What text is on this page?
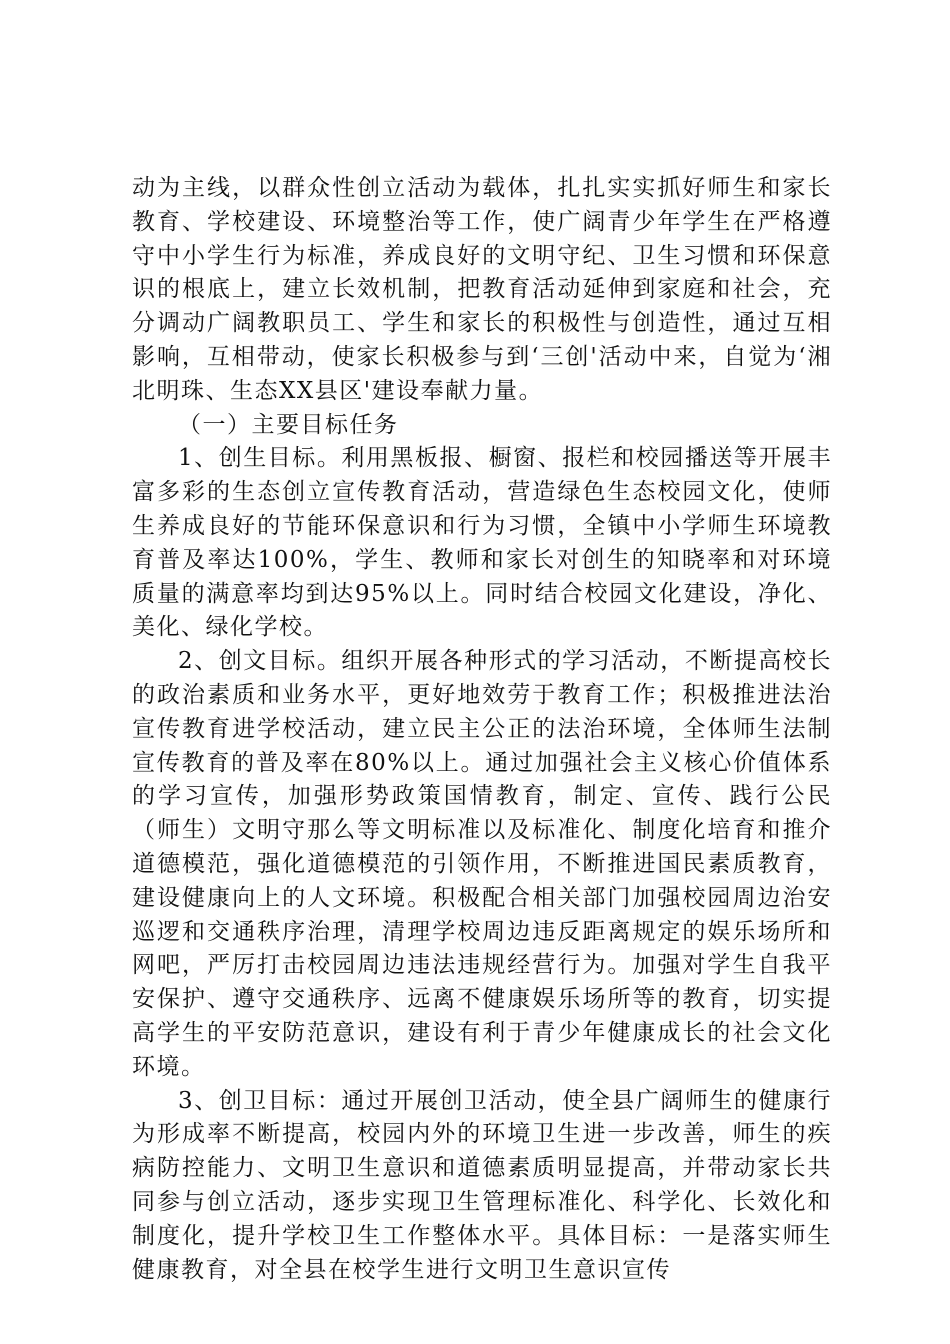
动为主线，以群众性创立活动为载体，扎扎实实抓好师生和家长教育、学校建设、环境整治等工作，使广阔青少年学生在严格遵守中小学生行为标准，养成良好的文明守纪、卫生习惯和环保意识的根底上，建立长效机制，把教育活动延伸到家庭和社会，充分调动广阔教职员工、学生和家长的积极性与创造性，通过互相影响，互相带动，使家长积极参与到‘三创'活动中来，自觉为‘湘北明珠、生态XX县区'建设奉献力量。

（一）主要目标任务

1、创生目标。利用黑板报、橱窗、报栏和校园播送等开展丰富多彩的生态创立宣传教育活动，营造绿色生态校园文化，使师生养成良好的节能环保意识和行为习惯，全镇中小学师生环境教育普及率达100%，学生、教师和家长对创生的知晓率和对环境质量的满意率均到达95%以上。同时结合校园文化建设，净化、美化、绿化学校。

2、创文目标。组织开展各种形式的学习活动，不断提高校长的政治素质和业务水平，更好地效劳于教育工作；积极推进法治宣传教育进学校活动，建立民主公正的法治环境，全体师生法制宣传教育的普及率在80%以上。通过加强社会主义核心价值体系的学习宣传，加强形势政策国情教育，制定、宣传、践行公民（师生）文明守那么等文明标准以及标准化、制度化培育和推介道德模范，强化道德模范的引领作用，不断推进国民素质教育，建设健康向上的人文环境。积极配合相关部门加强校园周边治安巡逻和交通秩序治理，清理学校周边违反距离规定的娱乐场所和网吧，严厉打击校园周边违法违规经营行为。加强对学生自我平安保护、遵守交通秩序、远离不健康娱乐场所等的教育，切实提高学生的平安防范意识，建设有利于青少年健康成长的社会文化环境。

3、创卫目标：通过开展创卫活动，使全县广阔师生的健康行为形成率不断提高，校园内外的环境卫生进一步改善，师生的疾病防控能力、文明卫生意识和道德素质明显提高，并带动家长共同参与创立活动，逐步实现卫生管理标准化、科学化、长效化和制度化，提升学校卫生工作整体水平。具体目标：一是落实师生健康教育，对全县在校学生进行文明卫生意识宣传
